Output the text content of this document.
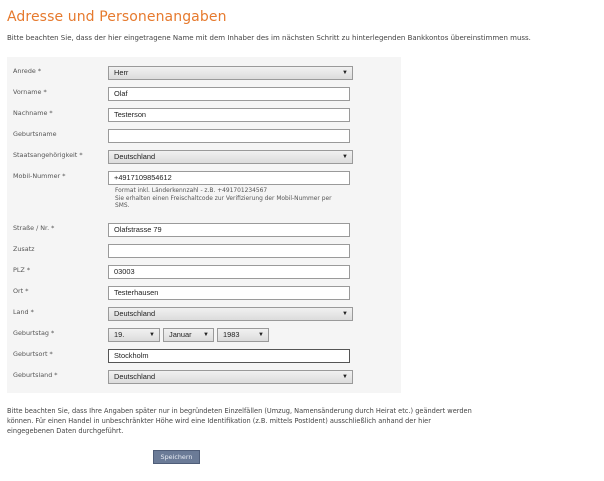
Adresse und Personenangaben
Bitte beachten Sie, dass der hier eingetragene Name mit dem Inhaber des im nächsten Schritt zu hinterlegenden Bankkontos übereinstimmen muss.
Anrede *	Herr	▼
Vorname *	Olaf
Nachname *	Testerson
Geburtsname
Staatsangehörigkeit *	Deutschland	▼
Mobil-Nummer *	+4917109854612
Format inkl. Länderkennzahl - z.B. +491701234567
Sie erhalten einen Freischaltcode zur Verifizierung der Mobil-Nummer per
SMS.
Straße / Nr. *	Olafstrasse 79
Zusatz
PLZ *	03003
Ort *	Testerhausen
Land *	Deutschland	▼
Geburtstag *	19.	▼	Januar ▼	1983	▼
Geburtsort *	Stockholm
Geburtsland *	Deutschland	▼
Bitte beachten Sie, dass Ihre Angaben später nur in begründeten Einzelfällen (Umzug, Namensänderung durch Heirat etc.) geändert werden
können. Für einen Handel in unbeschränkter Höhe wird eine Identifikation (z.B. mittels PostIdent) ausschließlich anhand der hier
eingegebenen Daten durchgeführt.
Speichern
